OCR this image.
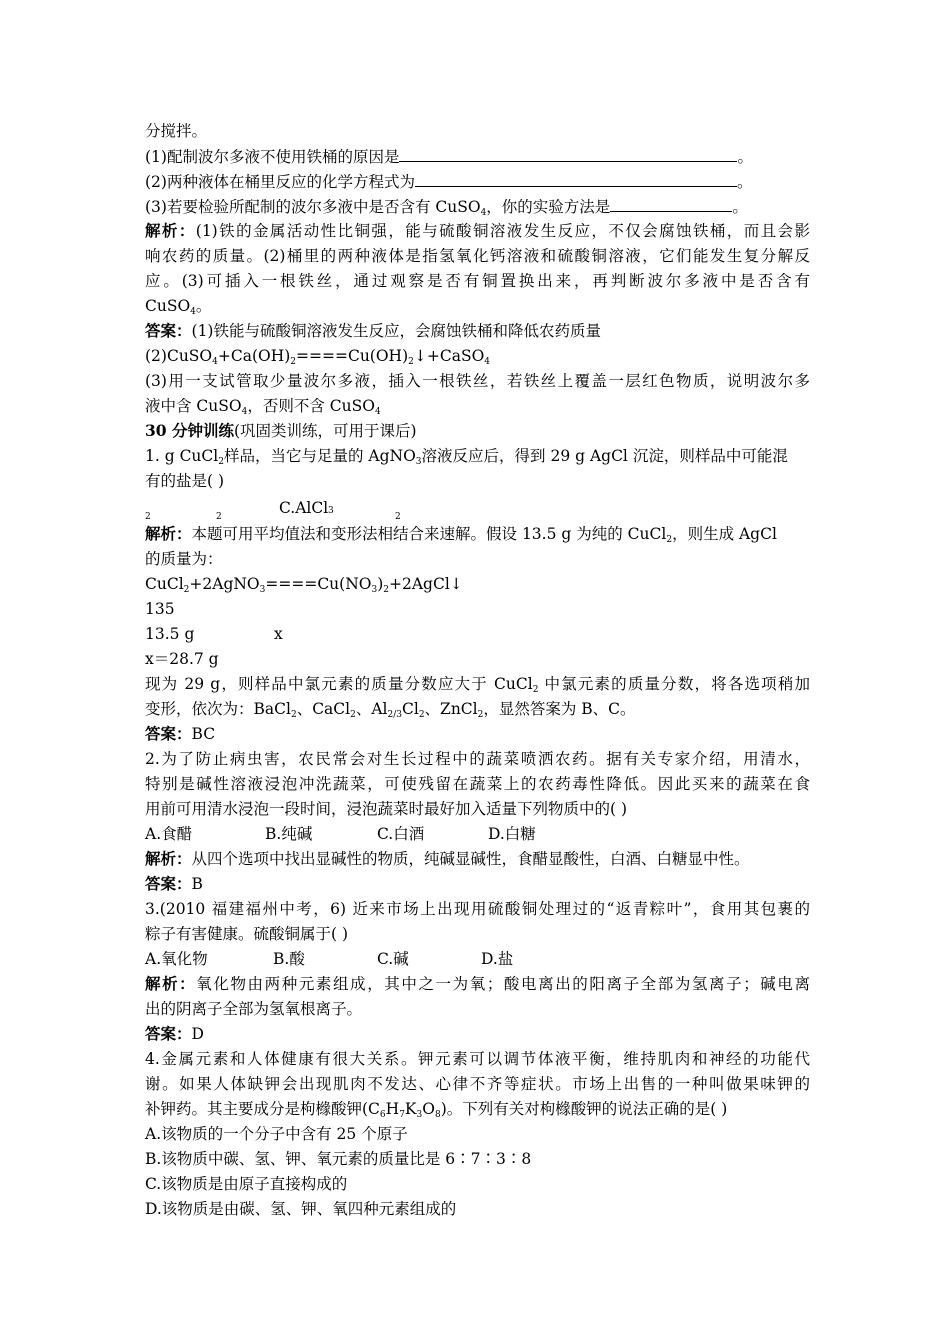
分搅拌。
(1)配制波尔多液不使用铁桶的原因是	。
(2)两种液体在桶里反应的化学方程式为	。
(3)若要检验所配制的波尔多液中是否含有 CuSO$_4$，你的实验方法是	。
解析：(1)铁的金属活动性比铜强，能与硫酸铜溶液发生反应，不仅会腐蚀铁桶，而且会影
响农药的质量。(2)桶里的两种液体是指氢氧化钙溶液和硫酸铜溶液，它们能发生复分解反
应。(3)可插入一根铁丝，通过观察是否有铜置换出来，再判断波尔多液中是否含有
CuSO$_4$。
答案：(1)铁能与硫酸铜溶液发生反应，会腐蚀铁桶和降低农药质量
$(2)CuSO_4+Ca(OH)_2====Cu(OH)_2↓+CaSO_4$
(3)用一支试管取少量波尔多液，插入一根铁丝，若铁丝上覆盖一层红色物质，说明波尔多
液中含 CuSO$_4$，否则不含 CuSO$_4$
30 分钟训练(巩固类训练，可用于课后)
1. g CuCl$_2$样品，当它与足量的 AgNO$_3$溶液反应后，得到 29 g AgCl 沉淀，则样品中可能混
有的盐是( )
2	2	C.AlCl 3
2
解析：本题可用平均值法和变形法相结合来速解。假设 13.5 g 为纯的 CuCl$_2$，则生成 AgCl
的质量为：
$CuCl_2+2AgNO_3====Cu(NO_3)_2+2AgCl↓$
135
13.5 g	x
x＝28.7 g
现为 29 g，则样品中氯元素的质量分数应大于 CuCl$_2$ 中氯元素的质量分数，将各选项稍加
变形，依次为：BaCl$_2$、CaCl$_2$、$Al_{2/3}Cl_2$、ZnCl$_2$，显然答案为 B、C。
答案：BC
2.为了防止病虫害，农民常会对生长过程中的蔬菜喷洒农药。据有关专家介绍，用清水，
特别是碱性溶液浸泡冲洗蔬菜，可使残留在蔬菜上的农药毒性降低。因此买来的蔬菜在食
用前可用清水浸泡一段时间，浸泡蔬菜时最好加入适量下列物质中的( )
A.食醋	B.纯碱	C.白酒	D.白糖
解析：从四个选项中找出显碱性的物质，纯碱显碱性，食醋显酸性，白酒、白糖显中性。
答案：B
3.(2010 福建福州中考，6) 近来市场上出现用硫酸铜处理过的“返青粽叶”，食用其包裹的
粽子有害健康。硫酸铜属于( )
A.氧化物	B.酸	C.碱	D.盐
解析：氧化物由两种元素组成，其中之一为氧；酸电离出的阳离子全部为氢离子；碱电离
出的阴离子全部为氢氧根离子。
答案：D
4.金属元素和人体健康有很大关系。钾元素可以调节体液平衡，维持肌肉和神经的功能代
谢。如果人体缺钾会出现肌肉不发达、心律不齐等症状。市场上出售的一种叫做果味钾的
补钾药。其主要成分是枸橼酸钾$(C_6H_7K_3O_8)$。下列有关对枸橼酸钾的说法正确的是( )
A.该物质的一个分子中含有 25 个原子
B.该物质中碳、氢、钾、氧元素的质量比是 6∶7∶3∶8
C.该物质是由原子直接构成的
D.该物质是由碳、氢、钾、氧四种元素组成的
